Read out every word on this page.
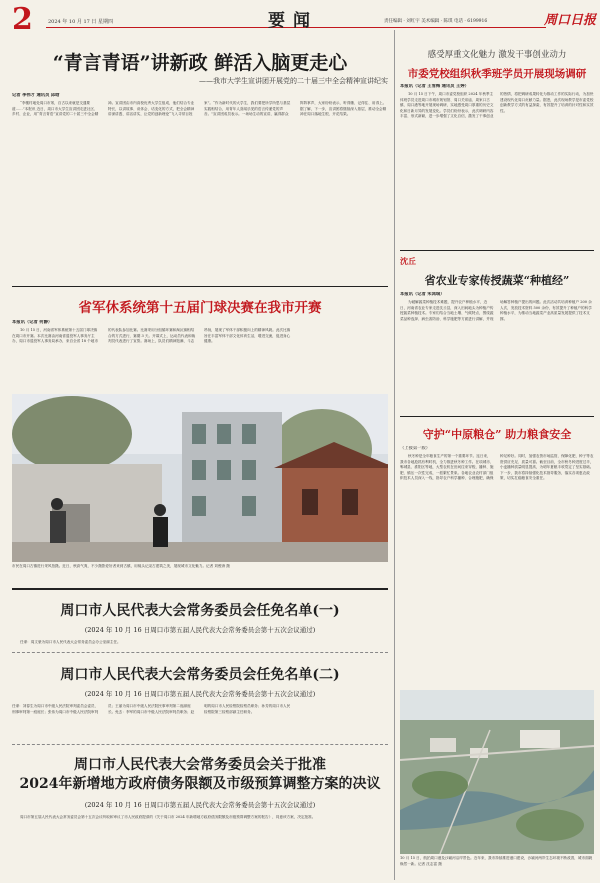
2	2024 年 10 月 17 日 星期四	要闻	责任编辑 · 刘红宇 美术编辑 · 陈琪 电话 · 6199916	周口日报
“青言青语”讲新政 鲜活入脑更走心
——我市大学生宣讲团开展党的二十届三中全会精神宣讲纪实
记者 李伟才 通讯员 邱晗
“李楼村地处周口市郊，自古以来就是交通要道……”本报讯 近日，周口市大学生宣讲团走进社区、乡村、企业，用“青言青语”宣讲党的二十届三中全会精神。宣讲团由市内高校优秀大学生组成，他们结合专业特长，以讲故事、谈体会、话变化的方式，把全会精神讲深讲透、讲活讲实，让党的创新理论“飞入寻常百姓家”。“作为新时代的大学生，我们要把所学所思与基层实践相结合，用青年人喜闻乐见的语言传递党的声音。”宣讲团成员表示。一场场生动的宣讲，赢得群众阵阵掌声，大家纷纷表示，听得懂、记得住、用得上。据了解，下一步，宣讲团将继续深入基层，推动全会精神在周口落地生根、开花结果。
省军休系统第十五届门球决赛在我市开赛
本报讯（记者 何静）
10 月 15 日，河南省军休系统第十五届门球决赛在周口市开赛。本次比赛由河南省退役军人事务厅主办，周口市退役军人事务局承办，来自全省 18 个地市的代表队参加比赛。比赛采用分组循环赛和淘汰赛相结合的方式进行，赛期 3 天。开幕式上，运动员代表和裁判员代表进行了宣誓。赛场上，队员们精神饱满、斗志昂扬，展现了军休干部积极向上的精神风貌。此次比赛旨在丰富军休干部文化体育生活，增进交流，促进身心健康。
市民在周口古镇进行采风拍摄。近日，秋高气爽，不少摄影爱好者来到古镇，用镜头记录古建筑之美，展现城市文化魅力。记者 刘俊涛 摄
周口市人民代表大会常务委员会任免名单(一)
(2024 年 10 月 16 日周口市第五届人民代表大会常务委员会第十五次会议通过)
任命：周文豪为周口市人民代表大会常务委员会办公室副主任。
周口市人民代表大会常务委员会任免名单(二)
(2024 年 10 月 16 日周口市第五届人民代表大会常务委员会第十五次会议通过)
任命：刘春生为周口市中级人民法院审判委员会委员、刑事审判第一庭庭长；张伟为周口市中级人民法院审判员；王丽为周口市中级人民法院民事审判第二庭副庭长。免去：李军的周口市中级人民法院审判员职务；赵明的周口市人民检察院检察员职务；孙芳的周口市人民检察院第三检察部副主任职务。
周口市人民代表大会常务委员会关于批准
2024年新增地方政府债务限额及市级预算调整方案的决议
(2024 年 10 月 16 日周口市第五届人民代表大会常务委员会第十五次会议通过)
周口市第五届人民代表大会常务委员会第十五次会议听取和审议了市人民政府提请的《关于周口市 2024 年新增地方政府债务限额及市级预算调整方案的报告》，同意该方案，决定批准。
感受厚重文化魅力 激发干事创业动力
市委党校组织秋季班学员开展现场调研
本报讯（记者 王雪梅 通讯员 王婷）
10 月 15 日下午，周口市委党校组织 2024 年秋季主体班学员走进周口市城市规划馆、周口关帝庙、周家口古镇、周口港等地开展现场调研，实地感受周口厚重的历史文化和日新月异的发展变化。学员们纷纷表示，此次调研内容丰富、形式新颖，进一步增强了文化自信，激发了干事创业的热情，将把调研成果转化为推动工作的实际行动，为加快建设现代化周口贡献力量。据悉，此次现场教学是市委党校创新教学方式的有益探索，有效提升了培训的针对性和实效性。
沈丘
省农业专家传授蔬菜“种植经”
本报讯（记者 朱鸿瑞）
为破解蔬菜种植技术难题，提升农户种植水平，近日，河南省农业专家走进沈丘县，深入田间地头为种植户传授蔬菜种植技术。专家们结合当地土壤、气候特点，围绕蔬菜品种选择、病虫害防治、科学施肥等方面进行讲解，并现场解答种植户提出的问题。此次活动共培训种植户 200 余人次，发放技术资料 500 余份，有效提升了种植户的科学种植水平，为推动当地蔬菜产业高质量发展提供了技术支撑。
守护“中原粮仓” 助力粮食安全
（上接第一版）
秋冬种是全年粮食生产的第一个重要环节。连日来，我市各地抢抓有利时机，全力推进秋冬种工作。在项城市、郸城县、淮阳区等地，大型农机在田间往来穿梭，播种、施肥、镇压一次性完成，一派繁忙景象。各地农业农村部门组织技术人员深入一线，指导农户科学播种、合理施肥，确保种足种好。同时，加强农资市场监管，保障化肥、种子等农资供应充足、质量可靠。截至目前，全市秋冬种进度过半，小麦播种质量明显提高，为明年夏粮丰收奠定了坚实基础。下一步，我市将持续强化技术指导服务，落实各项惠农政策，切实扛稳粮食安全重任。
10 月 15 日，航拍周口港及沙颍河沿岸景色。近年来，我市持续推进港口建设，沙颍河两岸生态环境不断改善，城市面貌焕然一新。记者 沈志富 摄
